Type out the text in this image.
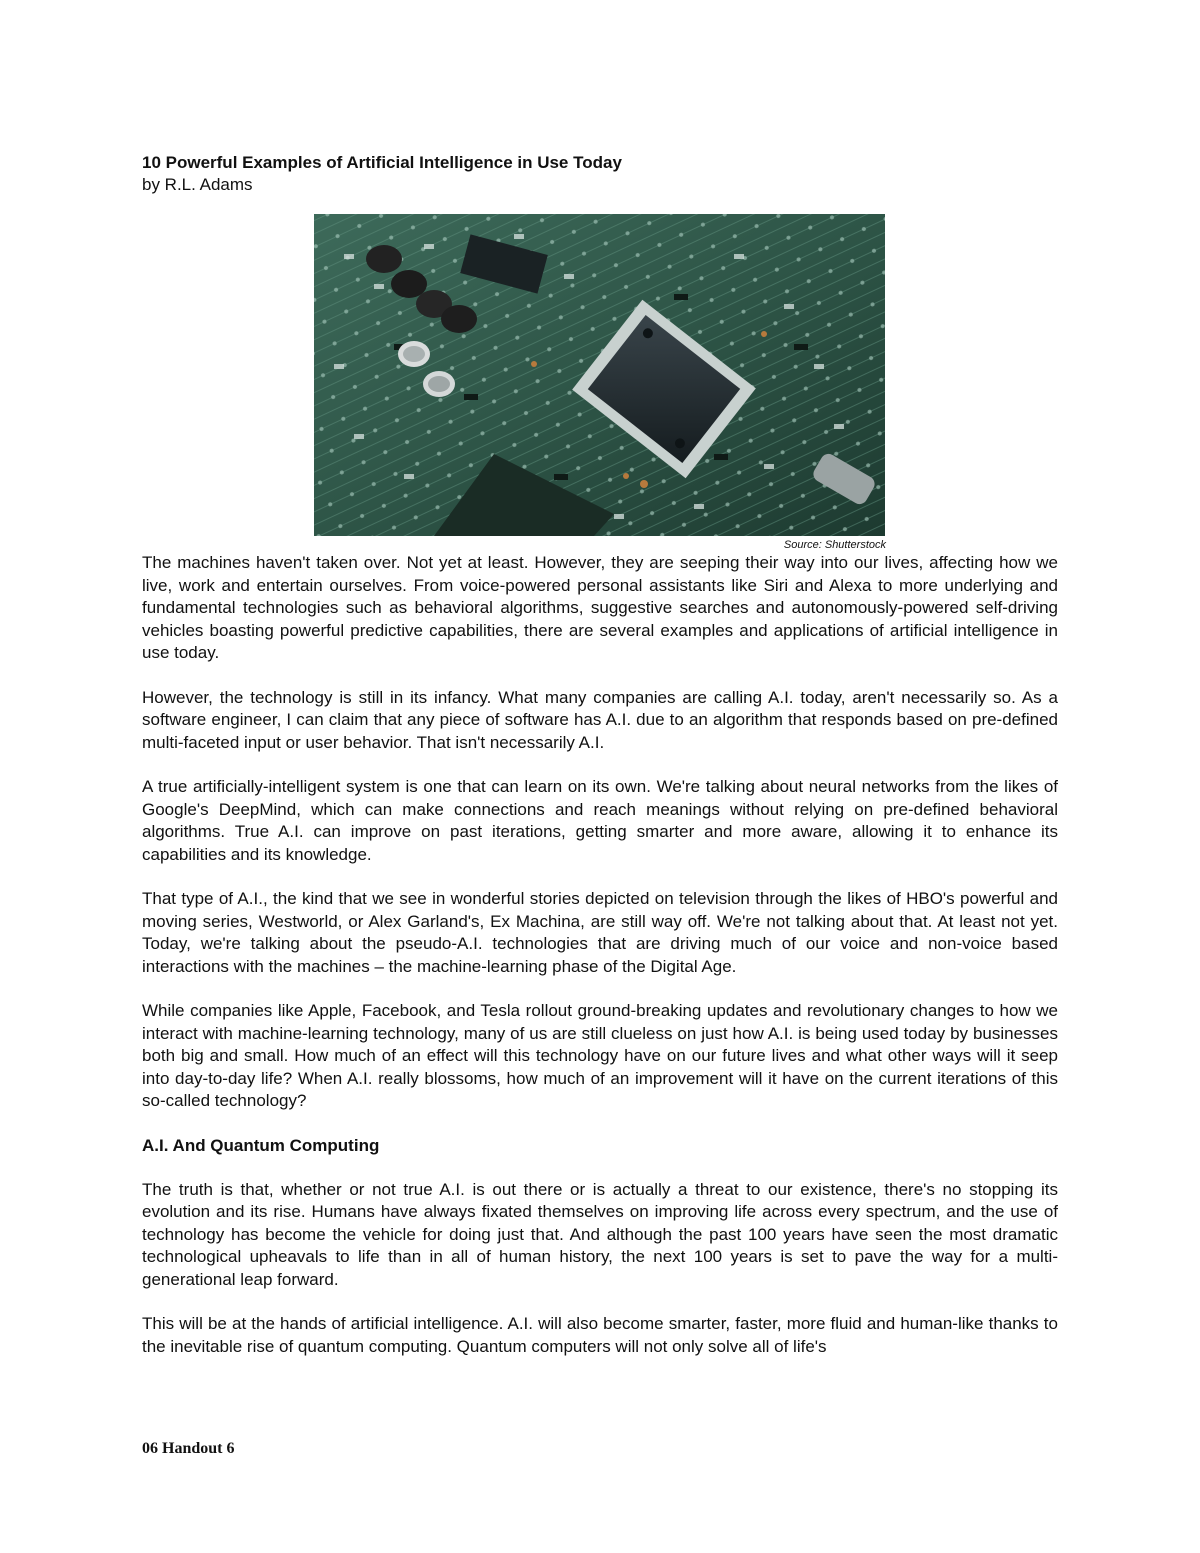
10 Powerful Examples of Artificial Intelligence in Use Today
by R.L. Adams
Source: Shutterstock

The machines haven't taken over. Not yet at least. However, they are seeping their way into our lives, affecting how we live, work and entertain ourselves. From voice-powered personal assistants like Siri and Alexa to more underlying and fundamental technologies such as behavioral algorithms, suggestive searches and autonomously-powered self-driving vehicles boasting powerful predictive capabilities, there are several examples and applications of artificial intelligence in use today.

However, the technology is still in its infancy. What many companies are calling A.I. today, aren't necessarily so. As a software engineer, I can claim that any piece of software has A.I. due to an algorithm that responds based on pre-defined multi-faceted input or user behavior. That isn't necessarily A.I.

A true artificially-intelligent system is one that can learn on its own. We're talking about neural networks from the likes of Google's DeepMind, which can make connections and reach meanings without relying on pre-defined behavioral algorithms. True A.I. can improve on past iterations, getting smarter and more aware, allowing it to enhance its capabilities and its knowledge.

That type of A.I., the kind that we see in wonderful stories depicted on television through the likes of HBO's powerful and moving series, Westworld, or Alex Garland's, Ex Machina, are still way off. We're not talking about that. At least not yet. Today, we're talking about the pseudo-A.I. technologies that are driving much of our voice and non-voice based interactions with the machines – the machine-learning phase of the Digital Age.

While companies like Apple, Facebook, and Tesla rollout ground-breaking updates and revolutionary changes to how we interact with machine-learning technology, many of us are still clueless on just how A.I. is being used today by businesses both big and small. How much of an effect will this technology have on our future lives and what other ways will it seep into day-to-day life? When A.I. really blossoms, how much of an improvement will it have on the current iterations of this so-called technology?

A.I. And Quantum Computing

The truth is that, whether or not true A.I. is out there or is actually a threat to our existence, there's no stopping its evolution and its rise. Humans have always fixated themselves on improving life across every spectrum, and the use of technology has become the vehicle for doing just that. And although the past 100 years have seen the most dramatic technological upheavals to life than in all of human history, the next 100 years is set to pave the way for a multi-generational leap forward.

This will be at the hands of artificial intelligence. A.I. will also become smarter, faster, more fluid and human-like thanks to the inevitable rise of quantum computing. Quantum computers will not only solve all of life's

06 Handout 6
